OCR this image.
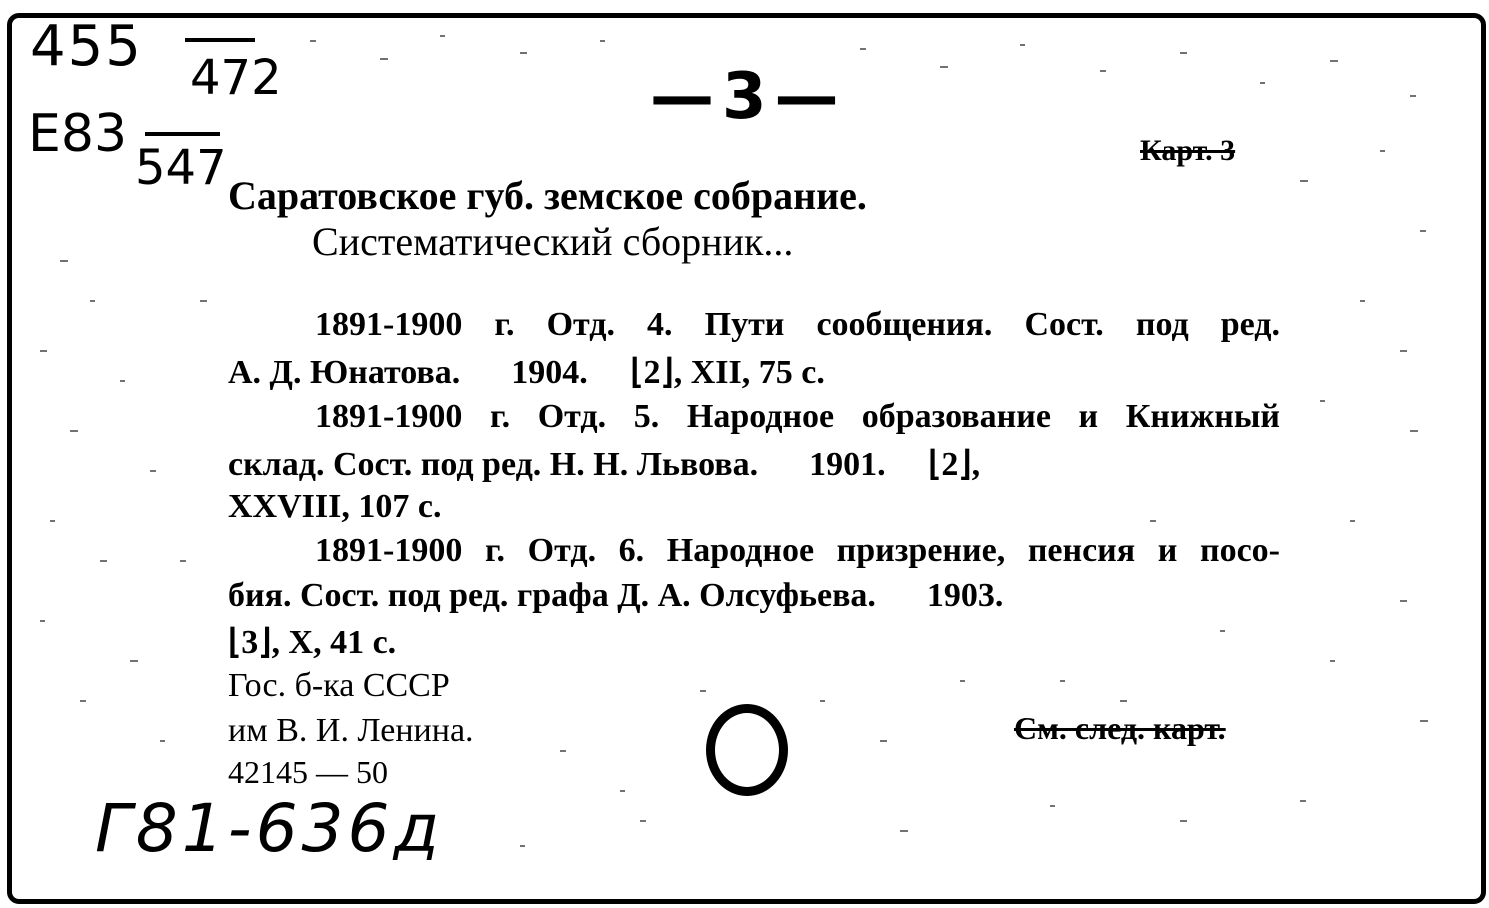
455 472
Е83
547
—3—
Карт. 3
Саратовское губ. земское собрание.
Систематический сборник...
1891-1900 г. Отд. 4. Пути сообщения. Сост. под ред.
А. Д. Юнатова.      1904.     ⌊2⌋, XII, 75 с.
1891-1900 г. Отд. 5. Народное образование и Книжный
склад. Сост. под ред. Н. Н. Львова.      1901.     ⌊2⌋,
XXVIII, 107 с.
1891-1900 г. Отд. 6. Народное призрение, пенсия и посо-
бия. Сост. под ред. графа Д. А. Олсуфьева.      1903.
⌊3⌋, X, 41 с.
Гос. б-ка СССР
им В. И. Ленина.
42145 — 50
См. след. карт.
Г81-636д
